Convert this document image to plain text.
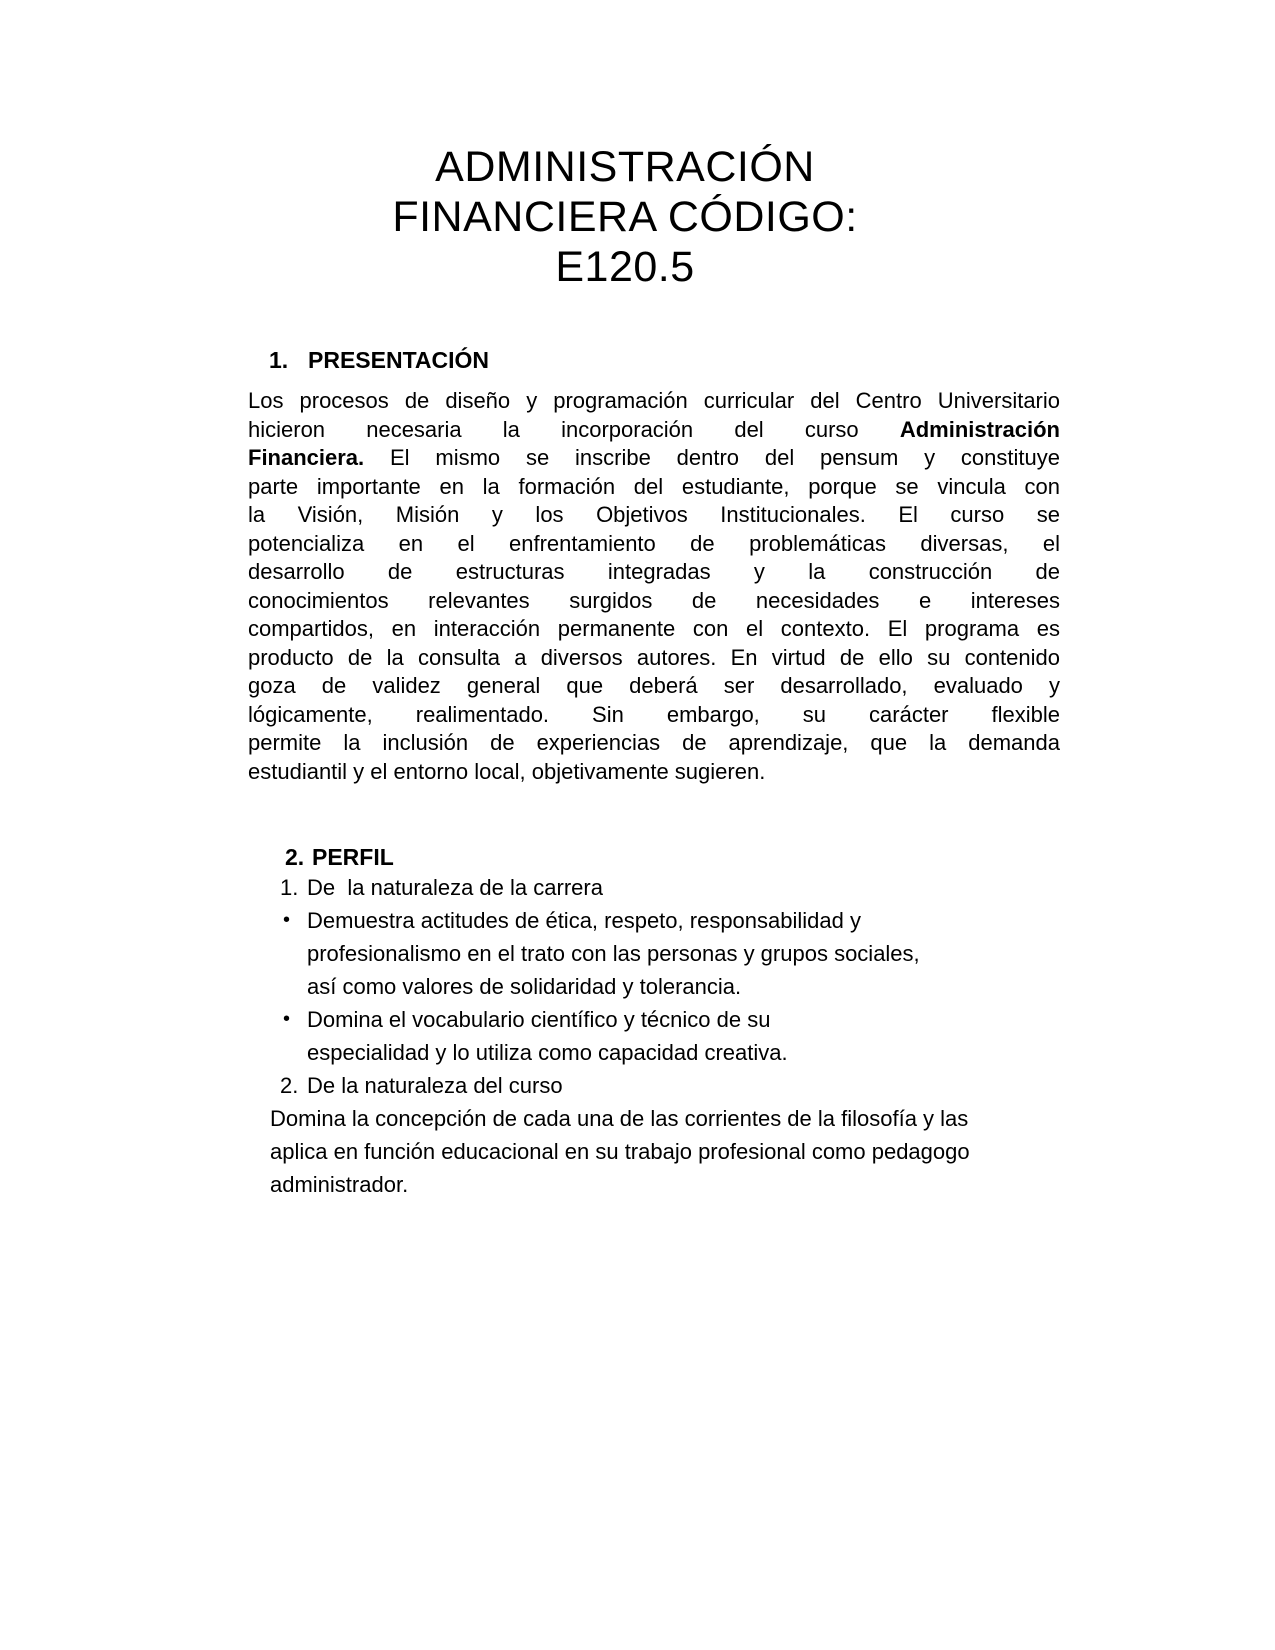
ADMINISTRACIÓN
FINANCIERA CÓDIGO:
E120.5
1. PRESENTACIÓN
Los procesos de diseño y programación curricular del Centro Universitario
hicieron necesaria la incorporación del curso Administración
Financiera. El mismo se inscribe dentro del pensum y constituye
parte importante en la formación del estudiante, porque se vincula con
la Visión, Misión y los Objetivos Institucionales. El curso se
potencializa en el enfrentamiento de problemáticas diversas, el
desarrollo de estructuras integradas y la construcción de
conocimientos relevantes surgidos de necesidades e intereses
compartidos, en interacción permanente con el contexto. El programa es
producto de la consulta a diversos autores. En virtud de ello su contenido
goza de validez general que deberá ser desarrollado, evaluado y
lógicamente, realimentado. Sin embargo, su carácter flexible
permite la inclusión de experiencias de aprendizaje, que la demanda
estudiantil y el entorno local, objetivamente sugieren.
2. PERFIL
1. De  la naturaleza de la carrera
• Demuestra actitudes de ética, respeto, responsabilidad y
profesionalismo en el trato con las personas y grupos sociales,
así como valores de solidaridad y tolerancia.
• Domina el vocabulario científico y técnico de su
especialidad y lo utiliza como capacidad creativa.
2. De la naturaleza del curso
Domina la concepción de cada una de las corrientes de la filosofía y las
aplica en función educacional en su trabajo profesional como pedagogo
administrador.
